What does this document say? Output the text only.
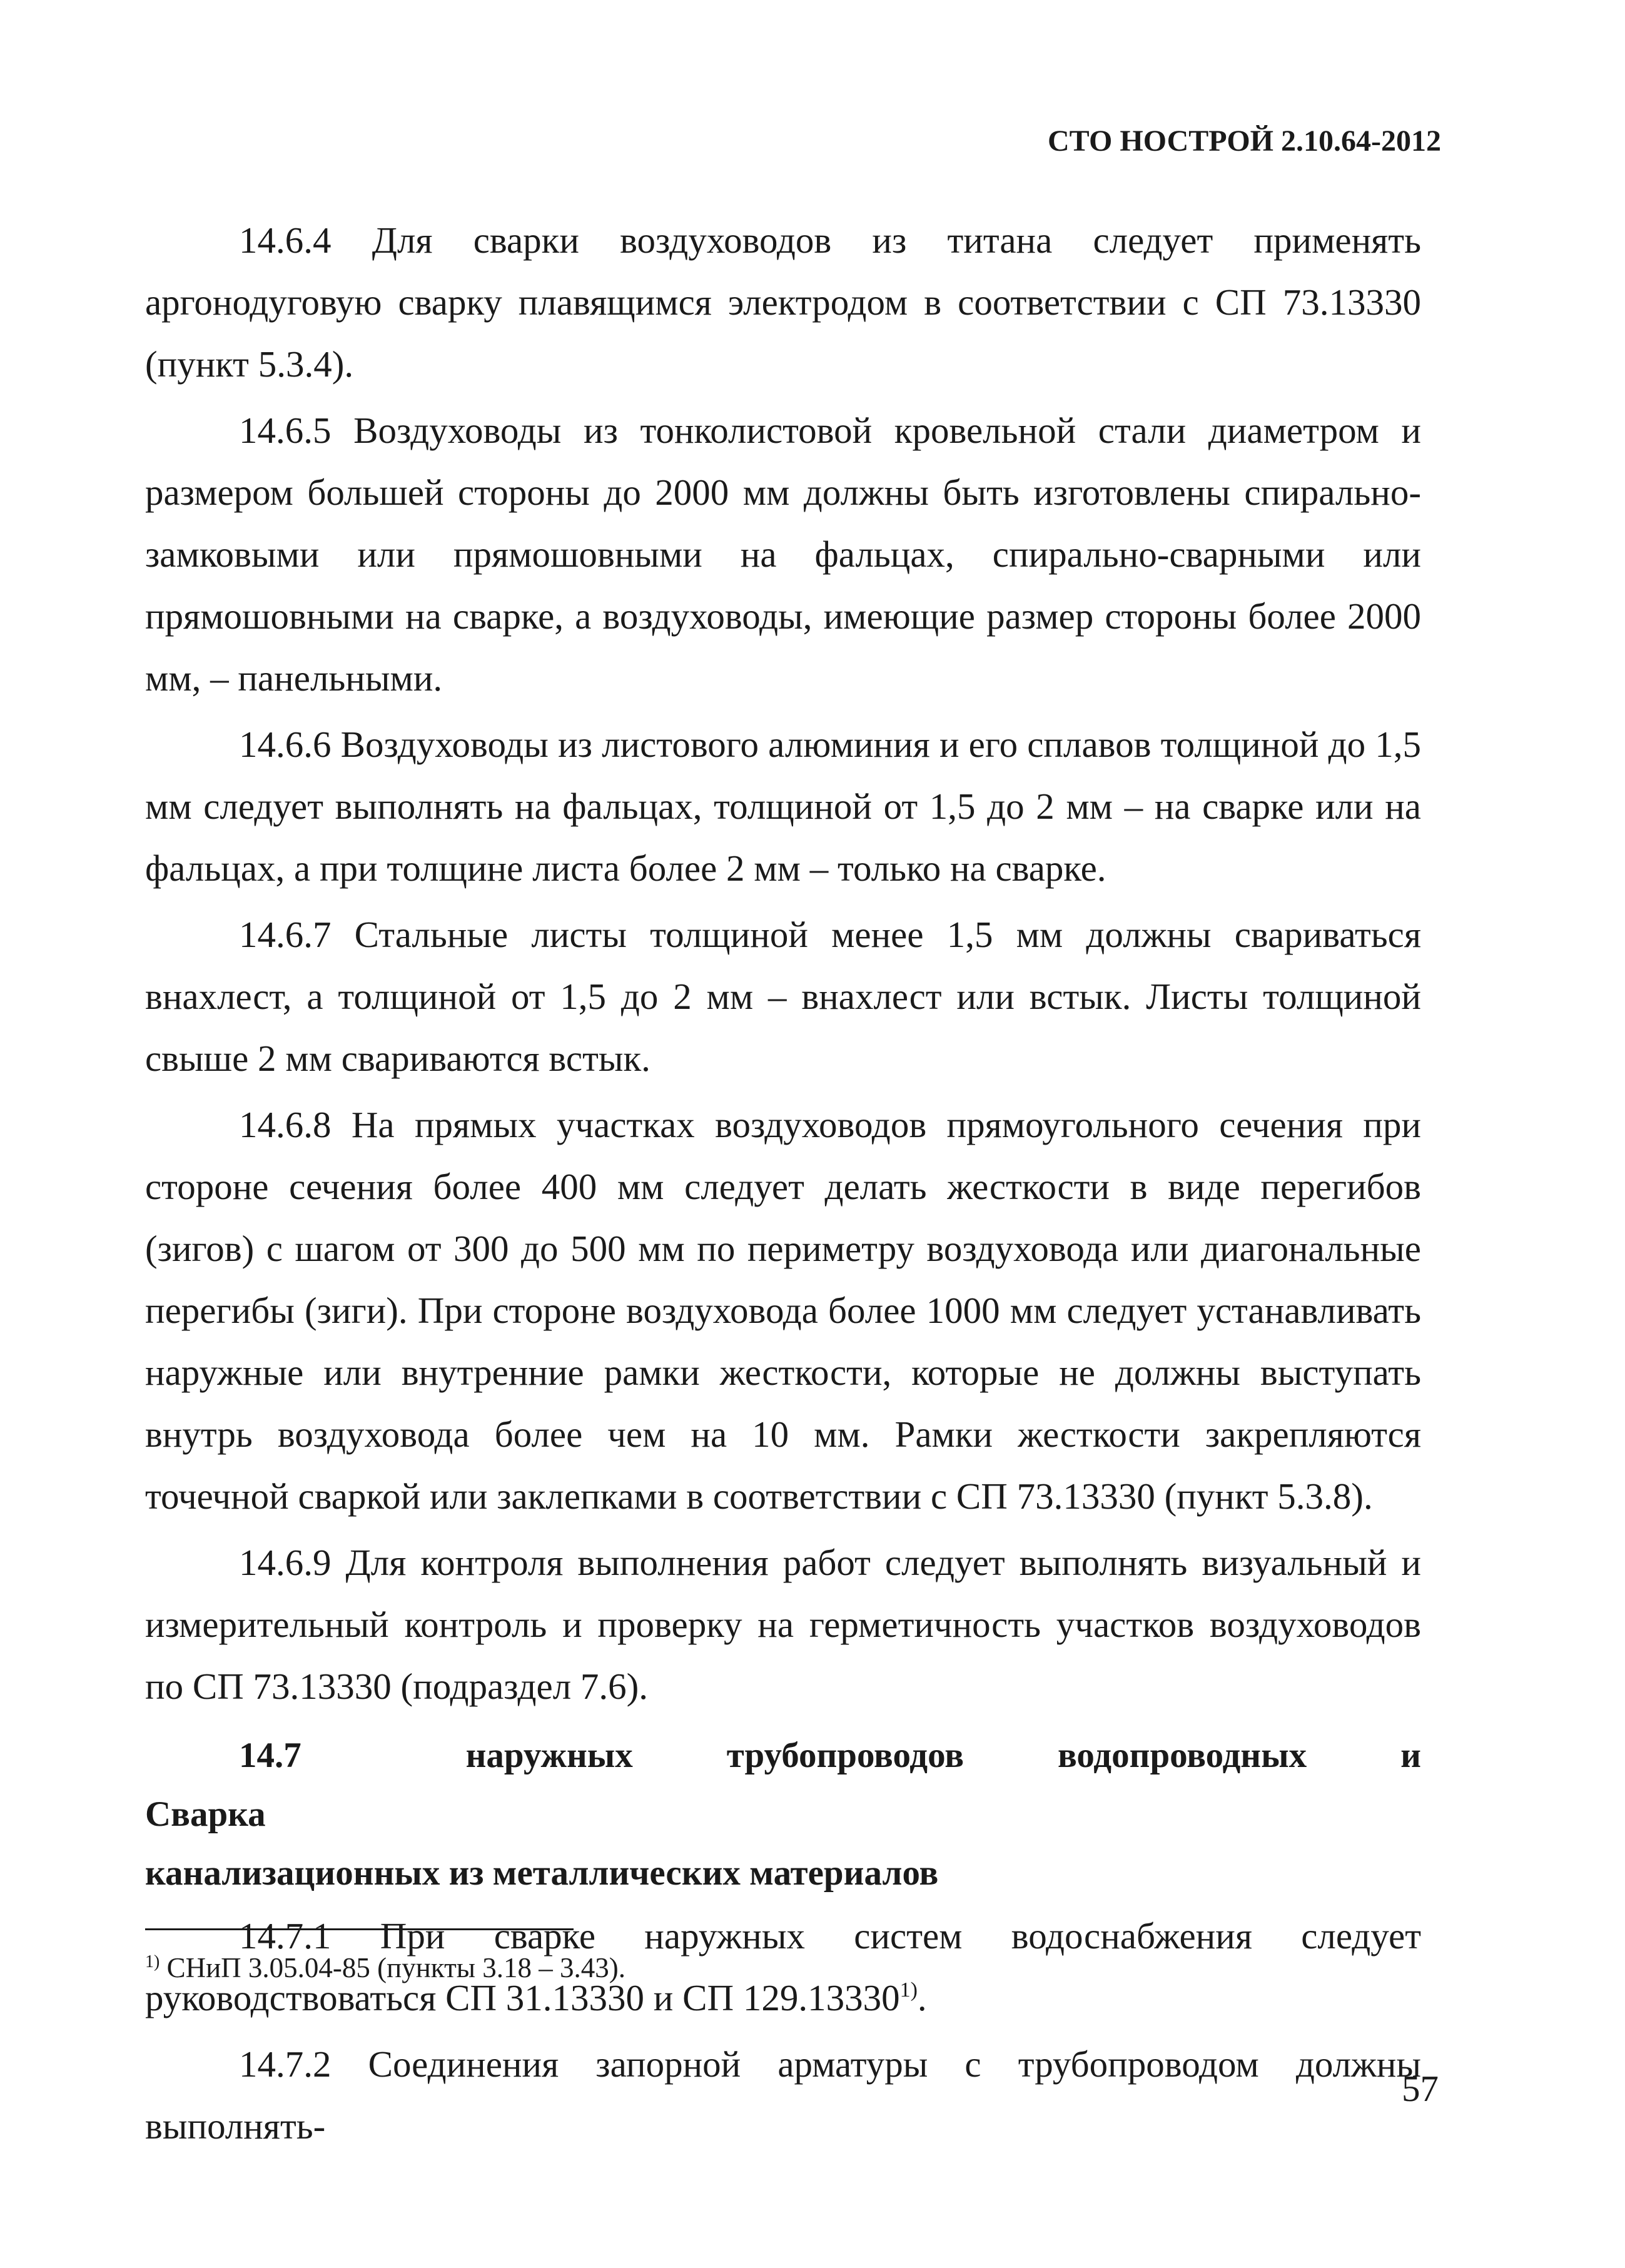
СТО НОСТРОЙ 2.10.64-2012

14.6.4 Для сварки воздуховодов из титана следует применять аргонодуговую сварку плавящимся электродом в соответствии с СП 73.13330 (пункт 5.3.4).

14.6.5 Воздуховоды из тонколистовой кровельной стали диаметром и размером большей стороны до 2000 мм должны быть изготовлены спирально-замковыми или прямошовными на фальцах, спирально-сварными или прямошовными на сварке, а воздуховоды, имеющие размер стороны более 2000 мм, – панельными.

14.6.6 Воздуховоды из листового алюминия и его сплавов толщиной до 1,5 мм следует выполнять на фальцах, толщиной от 1,5 до 2 мм – на сварке или на фальцах, а при толщине листа более 2 мм – только на сварке.

14.6.7 Стальные листы толщиной менее 1,5 мм должны свариваться внахлест, а толщиной от 1,5 до 2 мм – внахлест или встык. Листы толщиной свыше 2 мм свариваются встык.

14.6.8 На прямых участках воздуховодов прямоугольного сечения при стороне сечения более 400 мм следует делать жесткости в виде перегибов (зигов) с шагом от 300 до 500 мм по периметру воздуховода или диагональные перегибы (зиги). При стороне воздуховода более 1000 мм следует устанавливать наружные или внутренние рамки жесткости, которые не должны выступать внутрь воздуховода более чем на 10 мм. Рамки жесткости закрепляются точечной сваркой или заклепками в соответствии с СП 73.13330 (пункт 5.3.8).

14.6.9 Для контроля выполнения работ следует выполнять визуальный и измерительный контроль и проверку на герметичность участков воздуховодов по СП 73.13330 (подраздел 7.6).

14.7 Сварка
наружных	трубопроводов	водопроводных	и
канализационных из металлических материалов

14.7.1 При сварке наружных систем водоснабжения следует руководствоваться СП 31.13330 и СП 129.13330$^{1)}$.

14.7.2 Соединения запорной арматуры с трубопроводом должны выполнять-

$^{1)}$ СНиП 3.05.04-85 (пункты 3.18 – 3.43).
57
